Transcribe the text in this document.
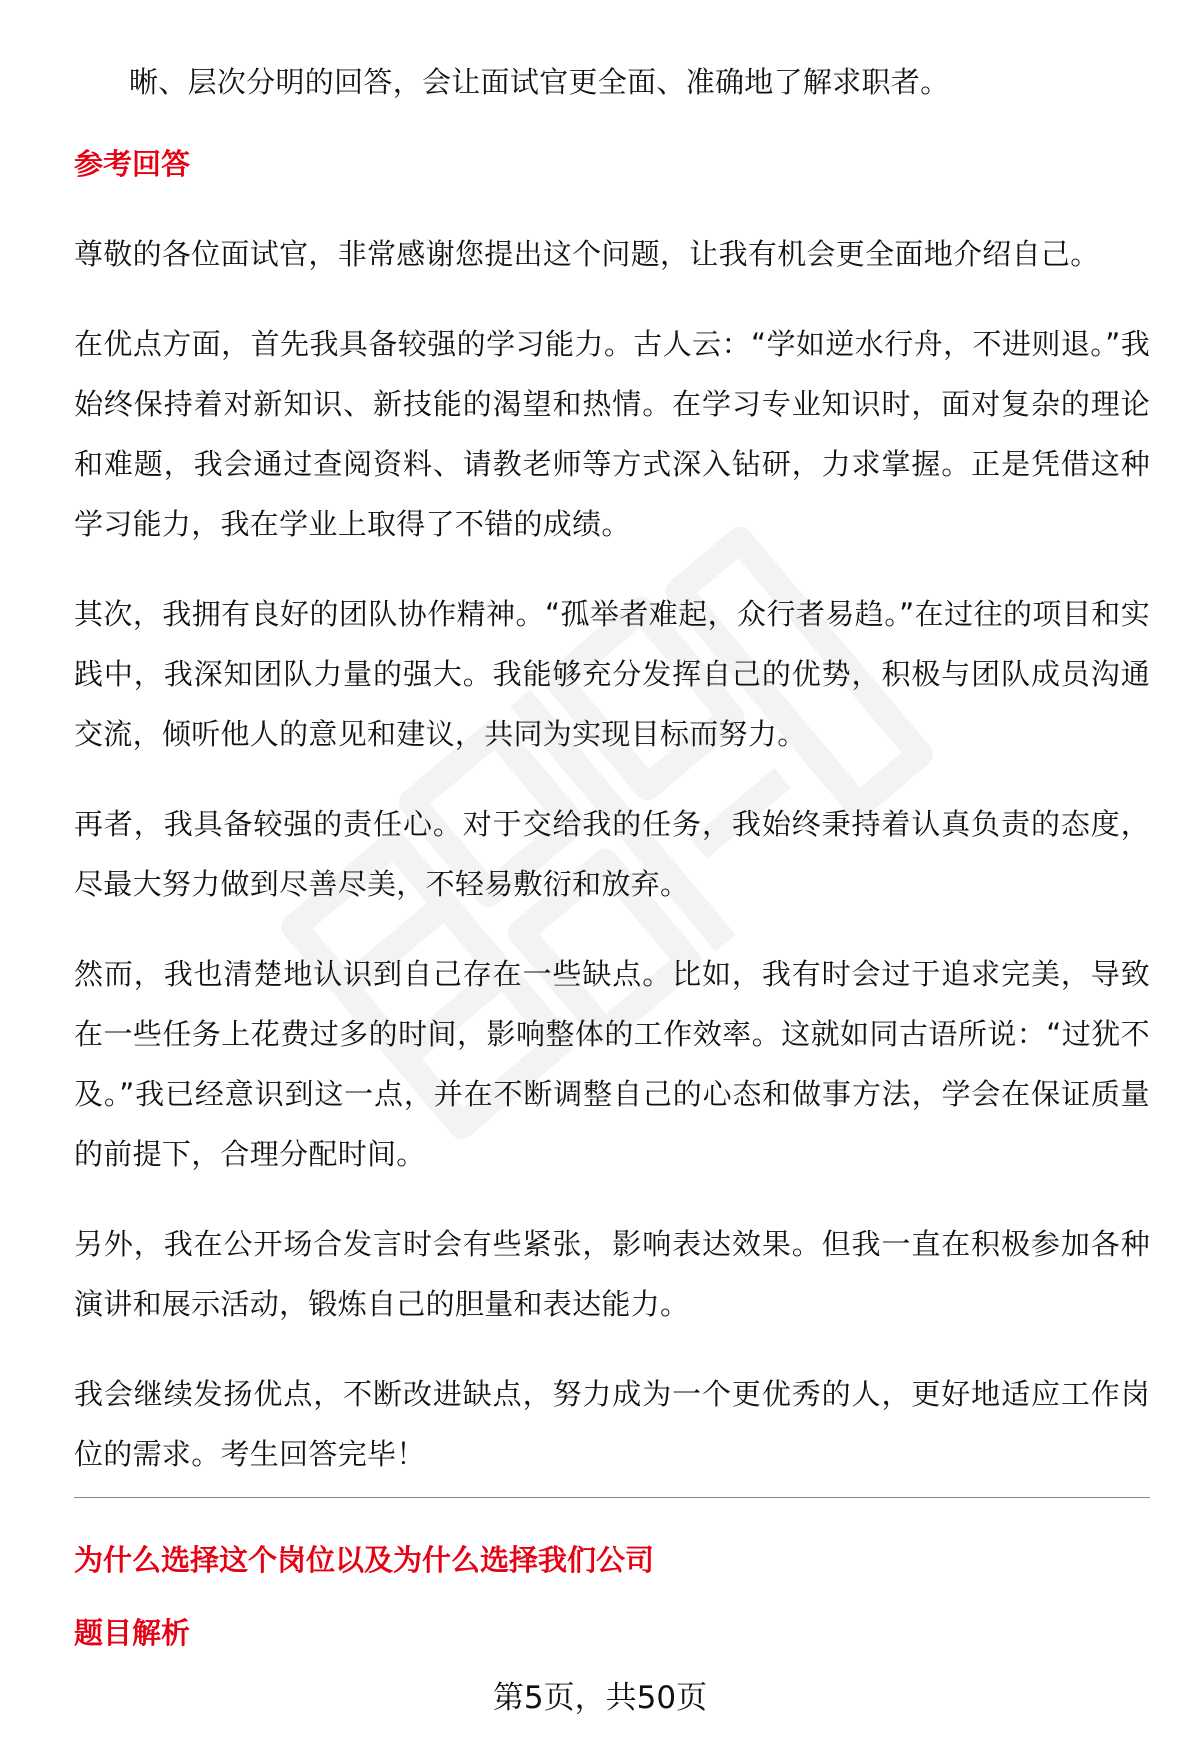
晰、层次分明的回答，会让面试官更全面、准确地了解求职者。

参考回答

尊敬的各位面试官，非常感谢您提出这个问题，让我有机会更全面地介绍自己。

在优点方面，首先我具备较强的学习能力。古人云：“学如逆水行舟，不进则退。”我始终保持着对新知识、新技能的渴望和热情。在学习专业知识时，面对复杂的理论和难题，我会通过查阅资料、请教老师等方式深入钻研，力求掌握。正是凭借这种学习能力，我在学业上取得了不错的成绩。

其次，我拥有良好的团队协作精神。“孤举者难起，众行者易趋。”在过往的项目和实践中，我深知团队力量的强大。我能够充分发挥自己的优势，积极与团队成员沟通交流，倾听他人的意见和建议，共同为实现目标而努力。

再者，我具备较强的责任心。对于交给我的任务，我始终秉持着认真负责的态度，尽最大努力做到尽善尽美，不轻易敷衍和放弃。

然而，我也清楚地认识到自己存在一些缺点。比如，我有时会过于追求完美，导致在一些任务上花费过多的时间，影响整体的工作效率。这就如同古语所说：“过犹不及。”我已经意识到这一点，并在不断调整自己的心态和做事方法，学会在保证质量的前提下，合理分配时间。

另外，我在公开场合发言时会有些紧张，影响表达效果。但我一直在积极参加各种演讲和展示活动，锻炼自己的胆量和表达能力。

我会继续发扬优点，不断改进缺点，努力成为一个更优秀的人，更好地适应工作岗位的需求。考生回答完毕！

为什么选择这个岗位以及为什么选择我们公司
题目解析
第5页，共50页
